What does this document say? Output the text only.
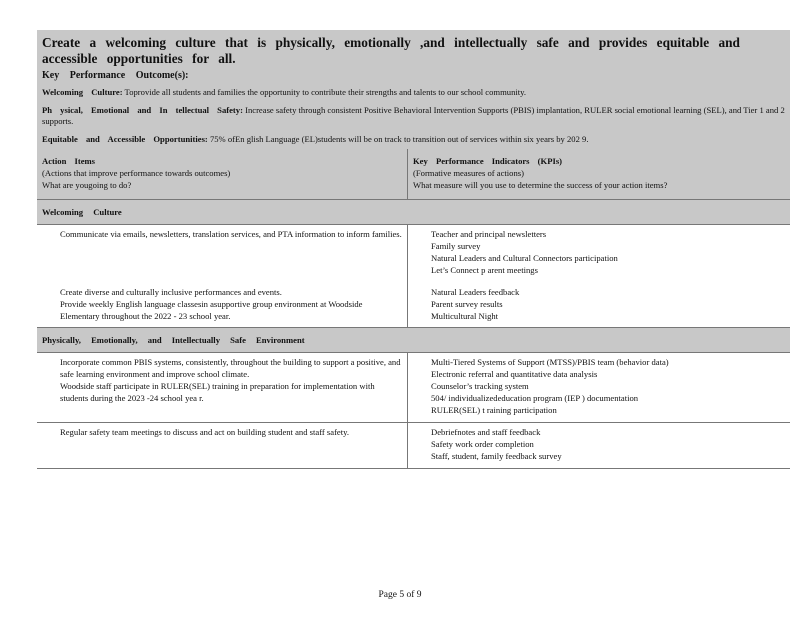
Create a welcoming culture that is physically, emotionally ,and intellectually safe and provides equitable and accessible opportunities for all.
Key Performance Outcome(s):
Welcoming Culture: Toprovide all students and families the opportunity to contribute their strengths and talents to our school community.
Ph ysical, Emotional and In tellectual Safety: Increase safety through consistent Positive Behavioral Intervention Supports (PBIS) implantation, RULER social emotional learning (SEL), and Tier 1 and 2 supports.
Equitable and Accessible Opportunities: 75% ofEn glish Language (EL)students will be on track to transition out of services within six years by 202 9.
Action Items
(Actions that improve performance towards outcomes)
What are yougoing to do?
Key Performance Indicators (KPIs)
(Formative measures of actions)
What measure will you use to determine the success of your action items?
Welcoming Culture
Communicate via emails, newsletters, translation services, and PTA information to inform families.	Teacher and principal newsletters
Family survey
Natural Leaders and Cultural Connectors participation
Let’s Connect p arent meetings
Create diverse and culturally inclusive performances and events.
Provide weekly English language classesin asupportive group environment at Woodside Elementary throughout the 2022 - 23 school year.
Natural Leaders feedback
Parent survey results
Multicultural Night
Physically, Emotionally, and Intellectually Safe Environment
Incorporate common PBIS systems, consistently, throughout the building to support a positive, and safe learning environment and improve school climate.
Woodside staff participate in RULER(SEL) training in preparation for implementation with students during the 2023 -24 school yea r.
Multi-Tiered Systems of Support (MTSS)/PBIS team (behavior data)
Electronic referral and quantitative data analysis
Counselor’s tracking system
504/ individualizededucation program (IEP ) documentation
RULER(SEL) t raining participation
Regular safety team meetings to discuss and act on building student and staff safety.	Debriefnotes and staff feedback
Safety work order completion
Staff, student, family feedback survey
Page 5 of 9
